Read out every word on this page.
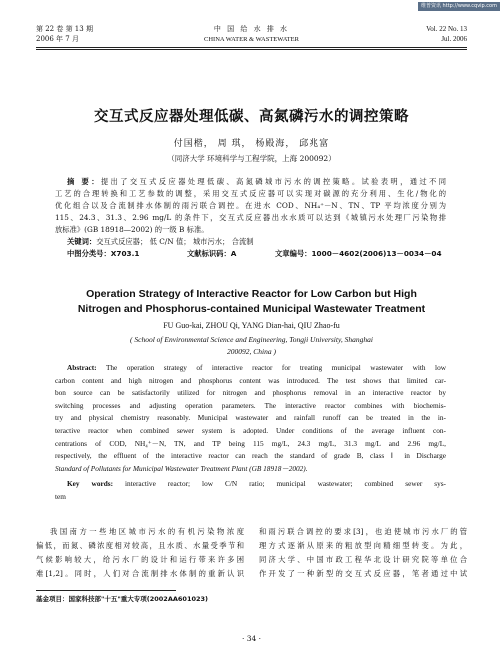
维普资讯 http://www.cqvip.com
第 22 卷 第 13 期
2006 年 7 月
中 国 给 水 排 水
CHINA WATER & WASTEWATER
Vol. 22 No. 13
Jul. 2006
交互式反应器处理低碳、高氮磷污水的调控策略
付国楷， 周 琪， 杨殿海， 邱兆富
（同济大学 环境科学与工程学院，上海 200092）
摘 要：提出了交互式反应器处理低碳、高氮磷城市污水的调控策略。试验表明，通过不同
工艺的合理转换和工艺参数的调整，采用交互式反应器可以实现对碳源的充分利用、生化/物化的
优化组合以及合流制排水体制的雨污联合调控。在进水 COD、NH₄⁺－N、TN、TP 平均浓度分别为
115、24.3、31.3、2.96 mg/L 的条件下，交互式反应器出水水质可以达到《城镇污水处理厂污染物排
放标准》(GB 18918—2002) 的一级 B 标准。
关键词：交互式反应器； 低 C/N 值； 城市污水； 合流制
中图分类号：X703.1	文献标识码：A	文章编号：1000－4602(2006)13－0034－04
Operation Strategy of Interactive Reactor for Low Carbon but High
Nitrogen and Phosphorus-contained Municipal Wastewater Treatment
FU Guo-kai, ZHOU Qi, YANG Dian-hai, QIU Zhao-fu
( School of Environmental Science and Engineering, Tongji University, Shanghai
200092, China )
Abstract: The operation strategy of interactive reactor for treating municipal wastewater with low
carbon content and high nitrogen and phosphorus content was introduced. The test shows that limited car-
bon source can be satisfactorily utilized for nitrogen and phosphorus removal in an interactive reactor by
switching processes and adjusting operation parameters. The interactive reactor combines with biochemis-
try and physical chemistry reasonably. Municipal wastewater and rainfall runoff can be treated in the in-
teractive reactor when combined sewer system is adopted. Under conditions of the average influent con-
centrations of COD, NH₄⁺－N, TN, and TP being 115 mg/L, 24.3 mg/L, 31.3 mg/L and 2.96 mg/L,
respectively, the effluent of the interactive reactor can reach the standard of grade B, class Ⅰ in Discharge
Standard of Pollutants for Municipal Wastewater Treatment Plant (GB 18918－2002).
Key words: interactive reactor; low C/N ratio; municipal wastewater; combined sewer sys-
tem
我国南方一些地区城市污水的有机污染物浓度
偏低，而氮、磷浓度相对较高，且水质、水量受季节和
气候影响较大，给污水厂的设计和运行带来许多困
难[1,2]。同时，人们对合流制排水体制的重新认识
和雨污联合调控的要求[3]，也迫使城市污水厂的管
理方式逐渐从原来的粗放型向精细型转变。为此，
同济大学、中国市政工程华北设计研究院等单位合
作开发了一种新型的交互式反应器，笔者通过中试
基金项目：国家科技部"十五"重大专项(2002AA601023)
· 34 ·
